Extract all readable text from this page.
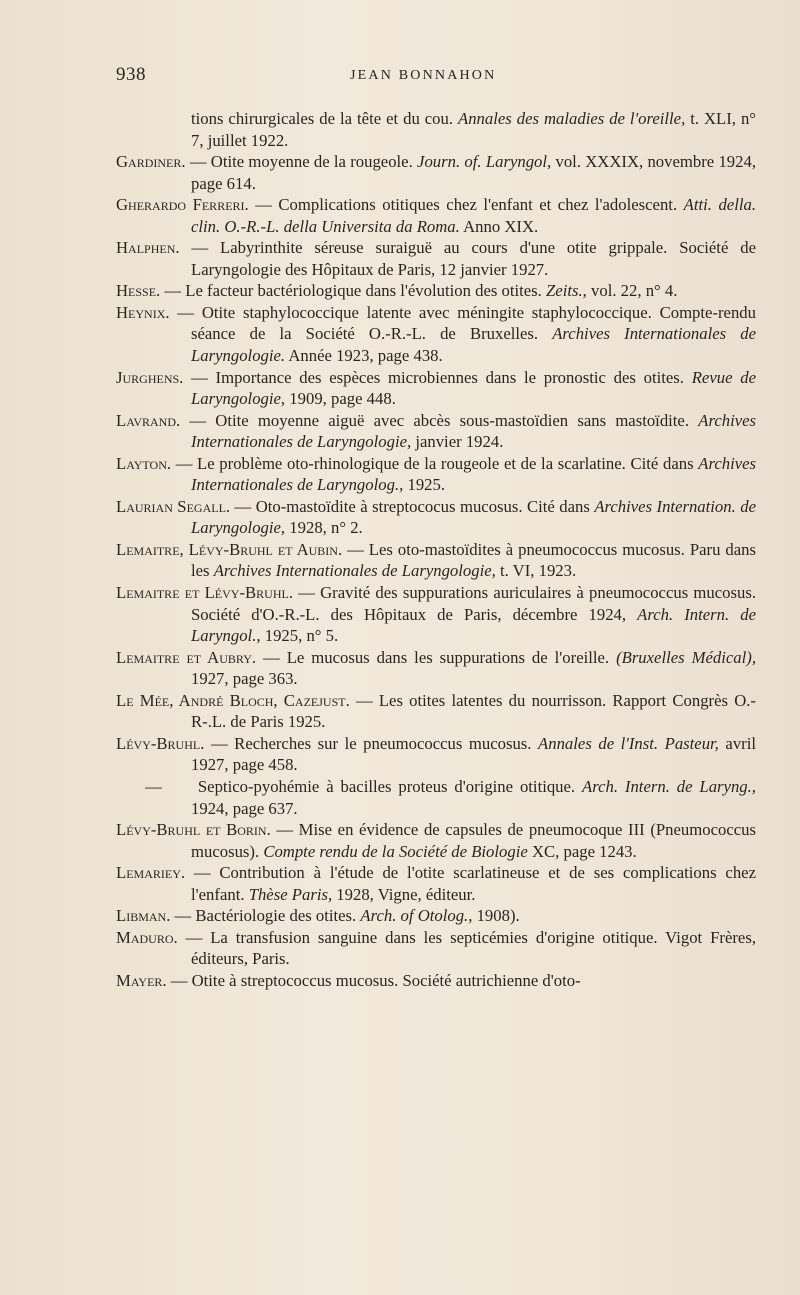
938	JEAN BONNAHON

tions chirurgicales de la tête et du cou. Annales des maladies de l'oreille, t. XLI, n° 7, juillet 1922.

Gardiner. — Otite moyenne de la rougeole. Journ. of. Laryngol, vol. XXXIX, novembre 1924, page 614.

Gherardo Ferreri. — Complications otitiques chez l'enfant et chez l'adolescent. Atti. della. clin. O.-R.-L. della Universita da Roma. Anno XIX.

Halphen. — Labyrinthite séreuse suraiguë au cours d'une otite grippale. Société de Laryngologie des Hôpitaux de Paris, 12 janvier 1927.

Hesse. — Le facteur bactériologique dans l'évolution des otites. Zeits., vol. 22, n° 4.

Heynix. — Otite staphylococcique latente avec méningite staphylococcique. Compte-rendu séance de la Société O.-R.-L. de Bruxelles. Archives Internationales de Laryngologie. Année 1923, page 438.

Jurghens. — Importance des espèces microbiennes dans le pronostic des otites. Revue de Laryngologie, 1909, page 448.

Lavrand. — Otite moyenne aiguë avec abcès sous-mastoïdien sans mastoïdite. Archives Internationales de Laryngologie, janvier 1924.

Layton. — Le problème oto-rhinologique de la rougeole et de la scarlatine. Cité dans Archives Internationales de Laryngolog., 1925.

Laurian Segall. — Oto-mastoïdite à streptococus mucosus. Cité dans Archives Internation. de Laryngologie, 1928, n° 2.

Lemaitre, Lévy-Bruhl et Aubin. — Les oto-mastoïdites à pneumococcus mucosus. Paru dans les Archives Internationales de Laryngologie, t. VI, 1923.

Lemaitre et Lévy-Bruhl. — Gravité des suppurations auriculaires à pneumococcus mucosus. Société d'O.-R.-L. des Hôpitaux de Paris, décembre 1924, Arch. Intern. de Laryngol., 1925, n° 5.

Lemaitre et Aubry. — Le mucosus dans les suppurations de l'oreille. (Bruxelles Médical), 1927, page 363.

Le Mée, André Bloch, Cazejust. — Les otites latentes du nourrisson. Rapport Congrès O.-R-.L. de Paris 1925.

Lévy-Bruhl. — Recherches sur le pneumococcus mucosus. Annales de l'Inst. Pasteur, avril 1927, page 458.

— Septico-pyohémie à bacilles proteus d'origine otitique. Arch. Intern. de Laryng., 1924, page 637.

Lévy-Bruhl et Borin. — Mise en évidence de capsules de pneumocoque III (Pneumococcus mucosus). Compte rendu de la Société de Biologie XC, page 1243.

Lemariey. — Contribution à l'étude de l'otite scarlatineuse et de ses complications chez l'enfant. Thèse Paris, 1928, Vigne, éditeur.

Libman. — Bactériologie des otites. Arch. of Otolog., 1908).

Maduro. — La transfusion sanguine dans les septicémies d'origine otitique. Vigot Frères, éditeurs, Paris.

Mayer. — Otite à streptococcus mucosus. Société autrichienne d'oto-
